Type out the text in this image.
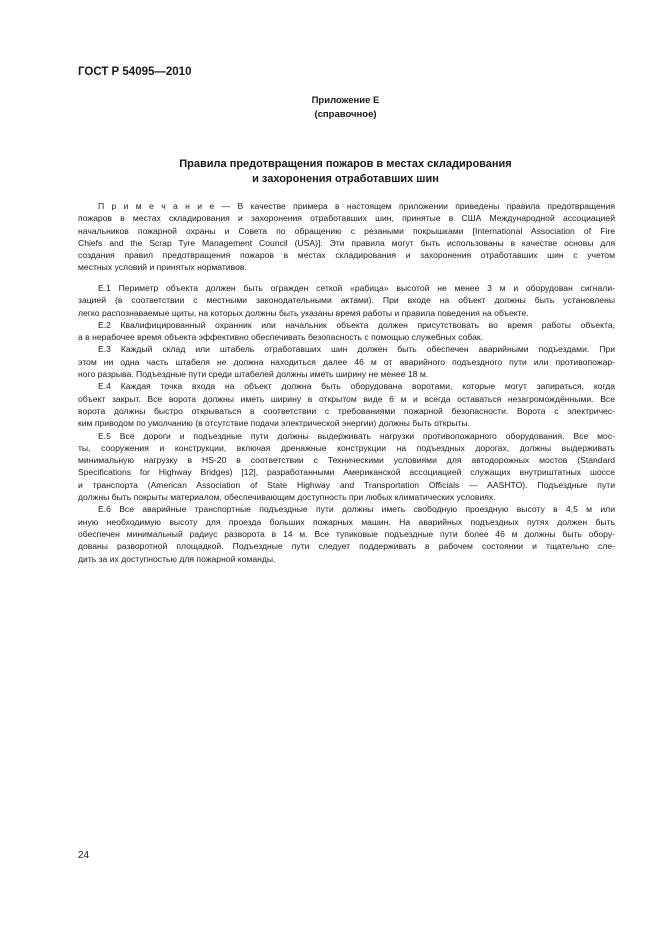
ГОСТ Р 54095—2010
Приложение Е
(справочное)
Правила предотвращения пожаров в местах складирования
и захоронения отработавших шин
П р и м е ч а н и е — В качестве примера в настоящем приложении приведены правила предотвращения
пожаров в местах складирования и захоронения отработавших шин, принятые в США Международной ассоциацией
начальников пожарной охраны и Совета по обращению с резаными покрышками [International Association of Fire
Chiefs and the Scrap Tyre Management Council (USA)]. Эти правила могут быть использованы в качестве основы для
создания правил предотвращения пожаров в местах складирования и захоронения отработавших шин с учетом
местных условий и принятых нормативов.
Е.1 Периметр объекта должен быть огражден сеткой «рабица» высотой не менее 3 м и оборудован сигнали-
зацией (в соответствии с местными законодательными актами). При входе на объект должны быть установлены
легко распознаваемые щиты, на которых должны быть указаны время работы и правила поведения на объекте.
Е.2 Квалифицированный охранник или начальник объекта должен присутствовать во время работы объекта,
а в нерабочее время объекта эффективно обеспечивать безопасность с помощью служебных собак.
Е.3 Каждый склад или штабель отработавших шин должен быть обеспечен аварийными подъездами. При
этом ни одна часть штабеля не должна находиться далее 46 м от аварийного подъездного пути или противопожар-
ного разрыва. Подъездные пути среди штабелей должны иметь ширину не менее 18 м.
Е.4 Каждая точка входа на объект должна быть оборудована воротами, которые могут запираться, когда
объект закрыт. Все ворота должны иметь ширину в открытом виде 6 м и всегда оставаться незагромождёнными. Все
ворота должны быстро открываться в соответствии с требованиями пожарной безопасности. Ворота с электричес-
ким приводом по умолчанию (в отсутствие подачи электрической энергии) должны быть открыты.
Е.5 Все дороги и подъездные пути должны выдерживать нагрузки противопожарного оборудования. Все мос-
ты, сооружения и конструкции, включая дренажные конструкции на подъездных дорогах, должны выдерживать
минимальную нагрузку в HS-20 в соответствии с Техническими условиями для автодорожных мостов (Standard
Specifications for Highway Bridges) [12], разработанными Американской ассоциацией служащих внутриштатных шоссе
и транспорта (American Association of State Highway and Transportation Officials — AASHTO). Подъездные пути
должны быть покрыты материалом, обеспечивающим доступность при любых климатических условиях.
Е.6 Все аварийные транспортные подъездные пути должны иметь свободную проездную высоту в 4,5 м или
иную необходимую высоту для проезда больших пожарных машин. На аварийных подъездных путях должен быть
обеспечен минимальный радиус разворота в 14 м. Все тупиковые подъездные пути более 46 м должны быть обору-
дованы разворотной площадкой. Подъездные пути следует поддерживать в рабочем состоянии и тщательно сле-
дить за их доступностью для пожарной команды.
24
